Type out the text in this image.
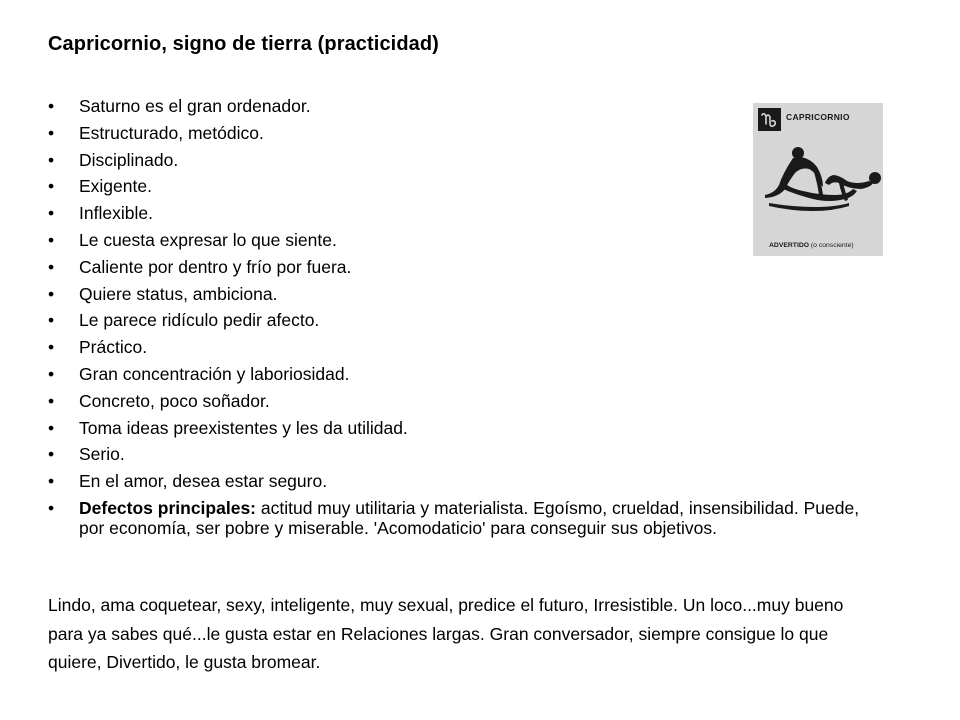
Capricornio, signo de tierra (practicidad)
• Saturno es el gran ordenador.
• Estructurado, metódico.
• Disciplinado.
• Exigente.
• Inflexible.
• Le cuesta expresar lo que siente.
• Caliente por dentro y frío por fuera.
• Quiere status, ambiciona.
• Le parece ridículo pedir afecto.
• Práctico.
• Gran concentración y laboriosidad.
• Concreto, poco soñador.
• Toma ideas preexistentes y les da utilidad.
• Serio.
• En el amor, desea estar seguro.
• Defectos principales: actitud muy utilitaria y materialista. Egoísmo, crueldad, insensibilidad. Puede, por economía, ser pobre y miserable. 'Acomodaticio' para conseguir sus objetivos.

Lindo, ama coquetear, sexy, inteligente, muy sexual, predice el futuro, Irresistible. Un loco...muy bueno para ya sabes qué...le gusta estar en Relaciones largas. Gran conversador, siempre consigue lo que quiere, Divertido, le gusta bromear.

CAPRICORNIO
ADVERTIDO (o consciente)
